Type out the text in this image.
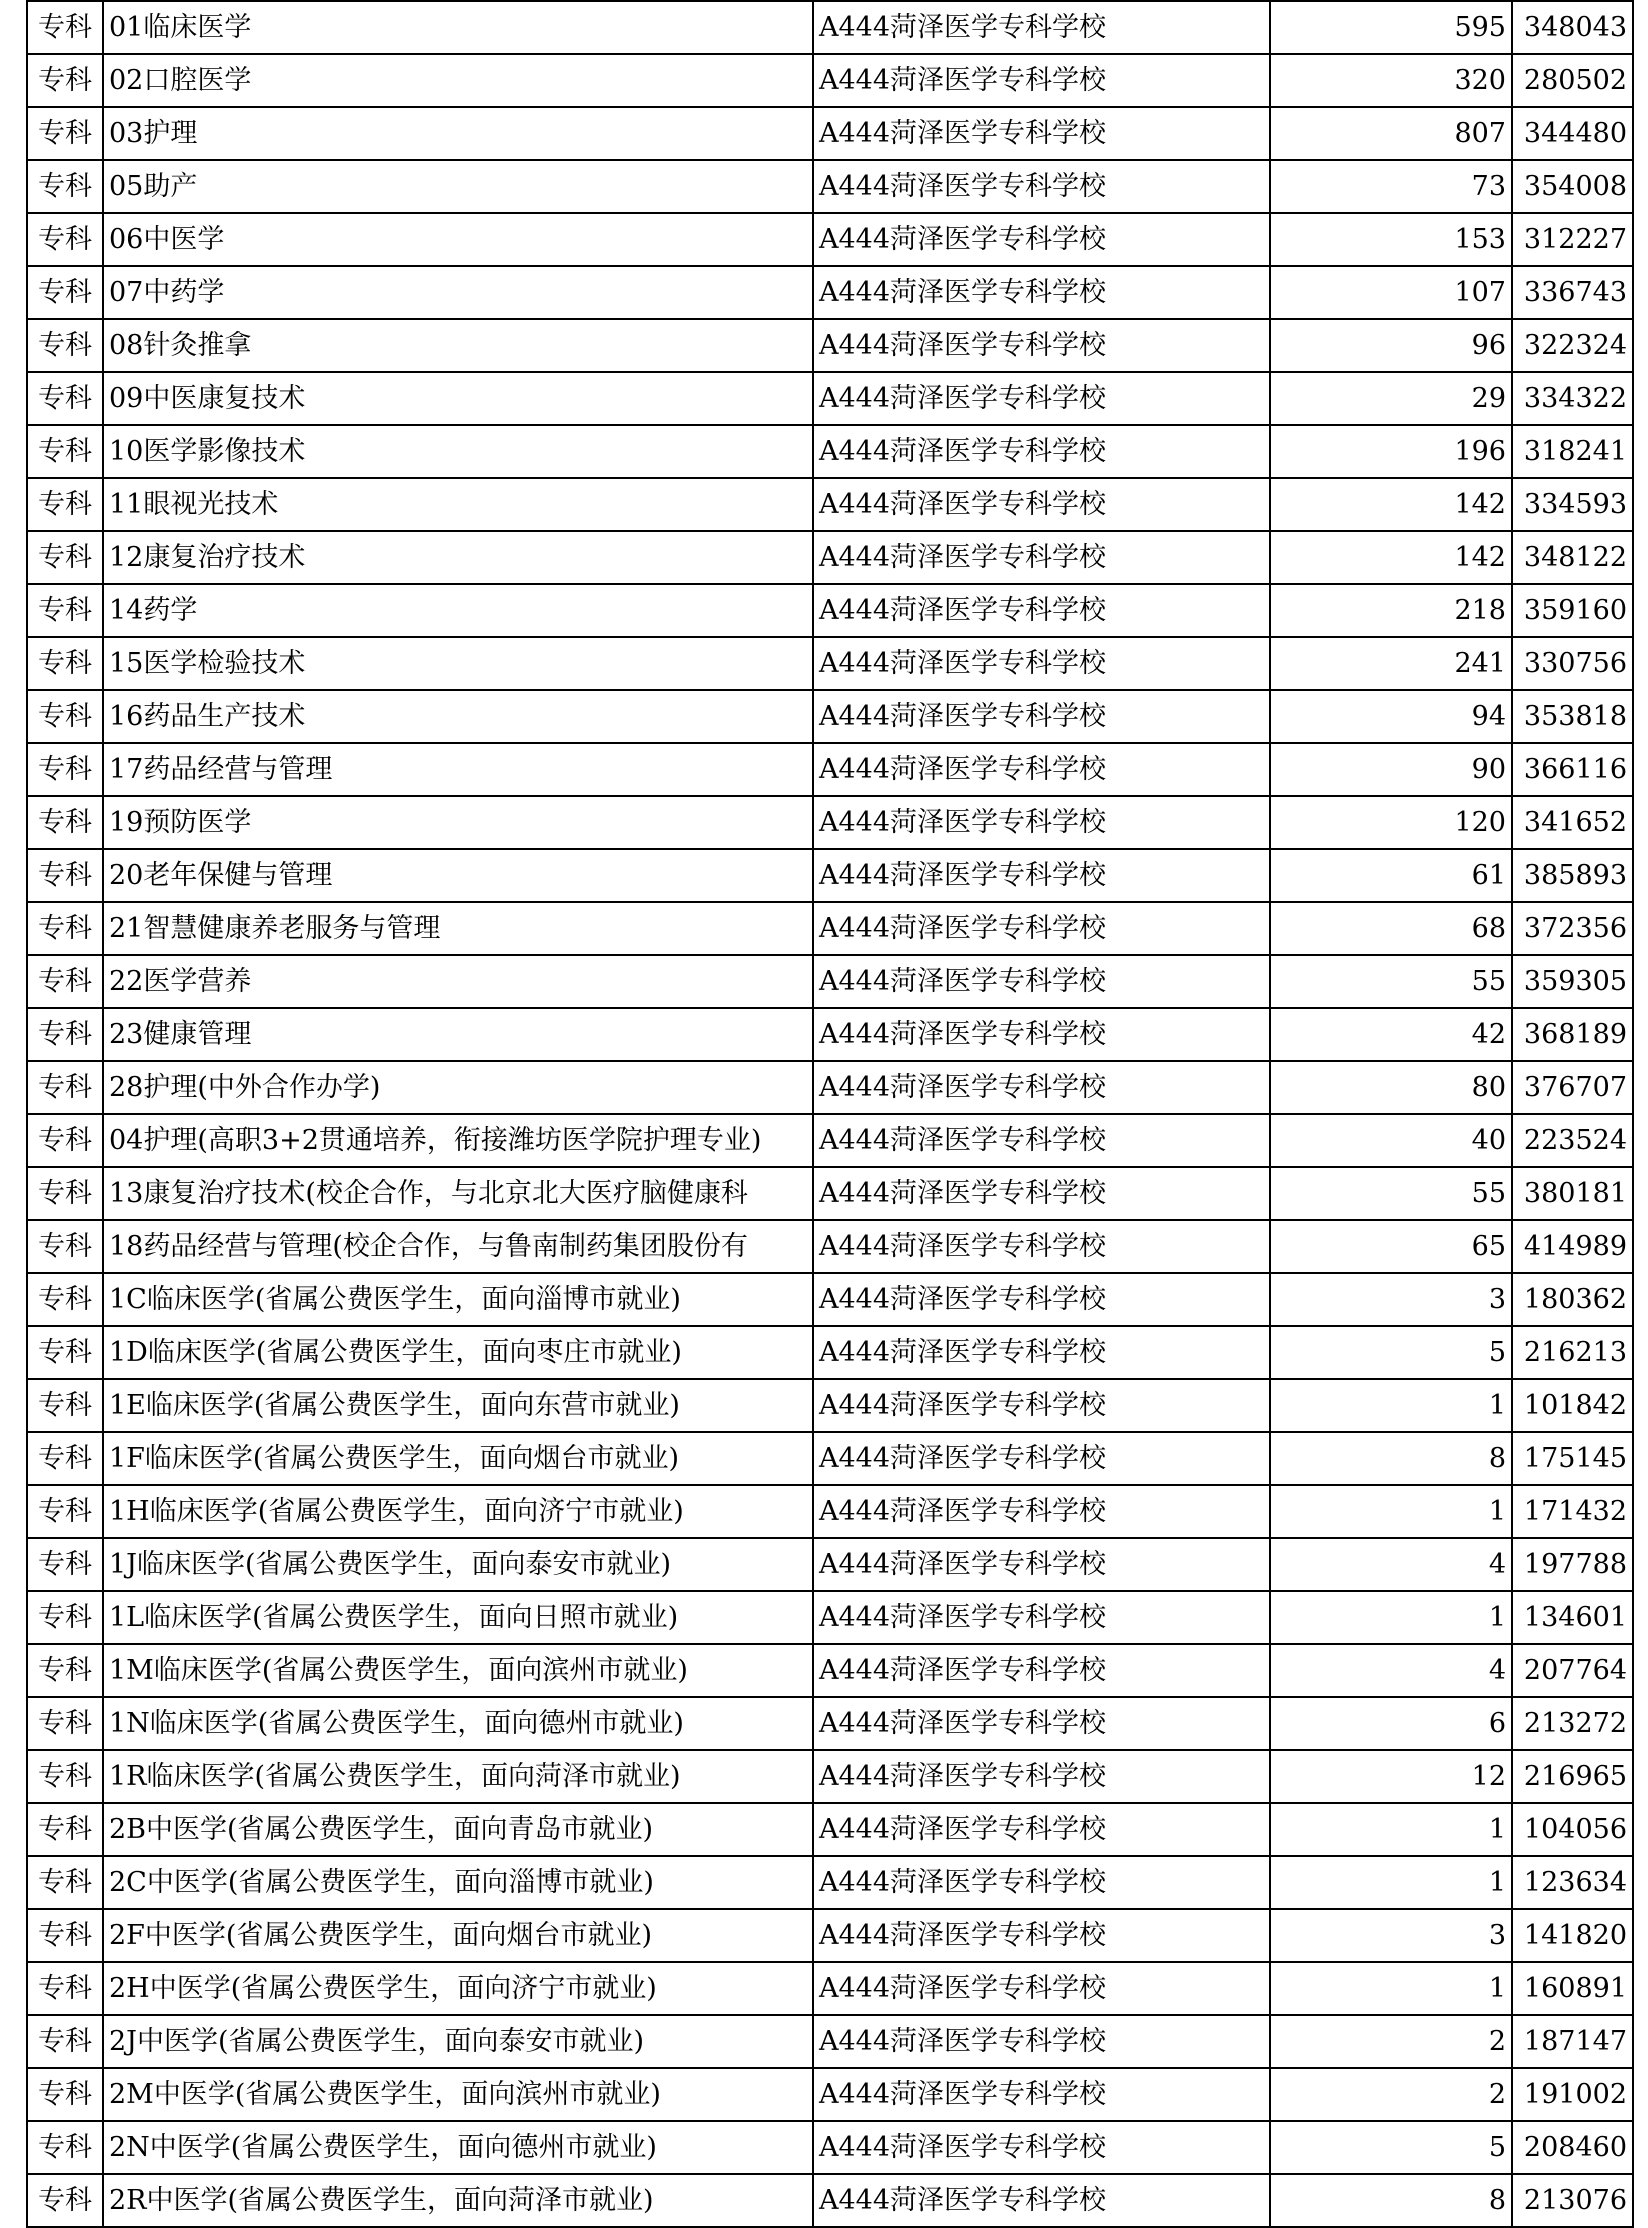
专科	01临床医学	A444菏泽医学专科学校	595	348043
专科	02口腔医学	A444菏泽医学专科学校	320	280502
专科	03护理	A444菏泽医学专科学校	807	344480
专科	05助产	A444菏泽医学专科学校	73	354008
专科	06中医学	A444菏泽医学专科学校	153	312227
专科	07中药学	A444菏泽医学专科学校	107	336743
专科	08针灸推拿	A444菏泽医学专科学校	96	322324
专科	09中医康复技术	A444菏泽医学专科学校	29	334322
专科	10医学影像技术	A444菏泽医学专科学校	196	318241
专科	11眼视光技术	A444菏泽医学专科学校	142	334593
专科	12康复治疗技术	A444菏泽医学专科学校	142	348122
专科	14药学	A444菏泽医学专科学校	218	359160
专科	15医学检验技术	A444菏泽医学专科学校	241	330756
专科	16药品生产技术	A444菏泽医学专科学校	94	353818
专科	17药品经营与管理	A444菏泽医学专科学校	90	366116
专科	19预防医学	A444菏泽医学专科学校	120	341652
专科	20老年保健与管理	A444菏泽医学专科学校	61	385893
专科	21智慧健康养老服务与管理	A444菏泽医学专科学校	68	372356
专科	22医学营养	A444菏泽医学专科学校	55	359305
专科	23健康管理	A444菏泽医学专科学校	42	368189
专科	28护理(中外合作办学)	A444菏泽医学专科学校	80	376707
专科	04护理(高职3+2贯通培养，衔接潍坊医学院护理专业)	A444菏泽医学专科学校	40	223524
专科	13康复治疗技术(校企合作，与北京北大医疗脑健康科	A444菏泽医学专科学校	55	380181
专科	18药品经营与管理(校企合作，与鲁南制药集团股份有	A444菏泽医学专科学校	65	414989
专科	1C临床医学(省属公费医学生，面向淄博市就业)	A444菏泽医学专科学校	3	180362
专科	1D临床医学(省属公费医学生，面向枣庄市就业)	A444菏泽医学专科学校	5	216213
专科	1E临床医学(省属公费医学生，面向东营市就业)	A444菏泽医学专科学校	1	101842
专科	1F临床医学(省属公费医学生，面向烟台市就业)	A444菏泽医学专科学校	8	175145
专科	1H临床医学(省属公费医学生，面向济宁市就业)	A444菏泽医学专科学校	1	171432
专科	1J临床医学(省属公费医学生，面向泰安市就业)	A444菏泽医学专科学校	4	197788
专科	1L临床医学(省属公费医学生，面向日照市就业)	A444菏泽医学专科学校	1	134601
专科	1M临床医学(省属公费医学生，面向滨州市就业)	A444菏泽医学专科学校	4	207764
专科	1N临床医学(省属公费医学生，面向德州市就业)	A444菏泽医学专科学校	6	213272
专科	1R临床医学(省属公费医学生，面向菏泽市就业)	A444菏泽医学专科学校	12	216965
专科	2B中医学(省属公费医学生，面向青岛市就业)	A444菏泽医学专科学校	1	104056
专科	2C中医学(省属公费医学生，面向淄博市就业)	A444菏泽医学专科学校	1	123634
专科	2F中医学(省属公费医学生，面向烟台市就业)	A444菏泽医学专科学校	3	141820
专科	2H中医学(省属公费医学生，面向济宁市就业)	A444菏泽医学专科学校	1	160891
专科	2J中医学(省属公费医学生，面向泰安市就业)	A444菏泽医学专科学校	2	187147
专科	2M中医学(省属公费医学生，面向滨州市就业)	A444菏泽医学专科学校	2	191002
专科	2N中医学(省属公费医学生，面向德州市就业)	A444菏泽医学专科学校	5	208460
专科	2R中医学(省属公费医学生，面向菏泽市就业)	A444菏泽医学专科学校	8	213076
